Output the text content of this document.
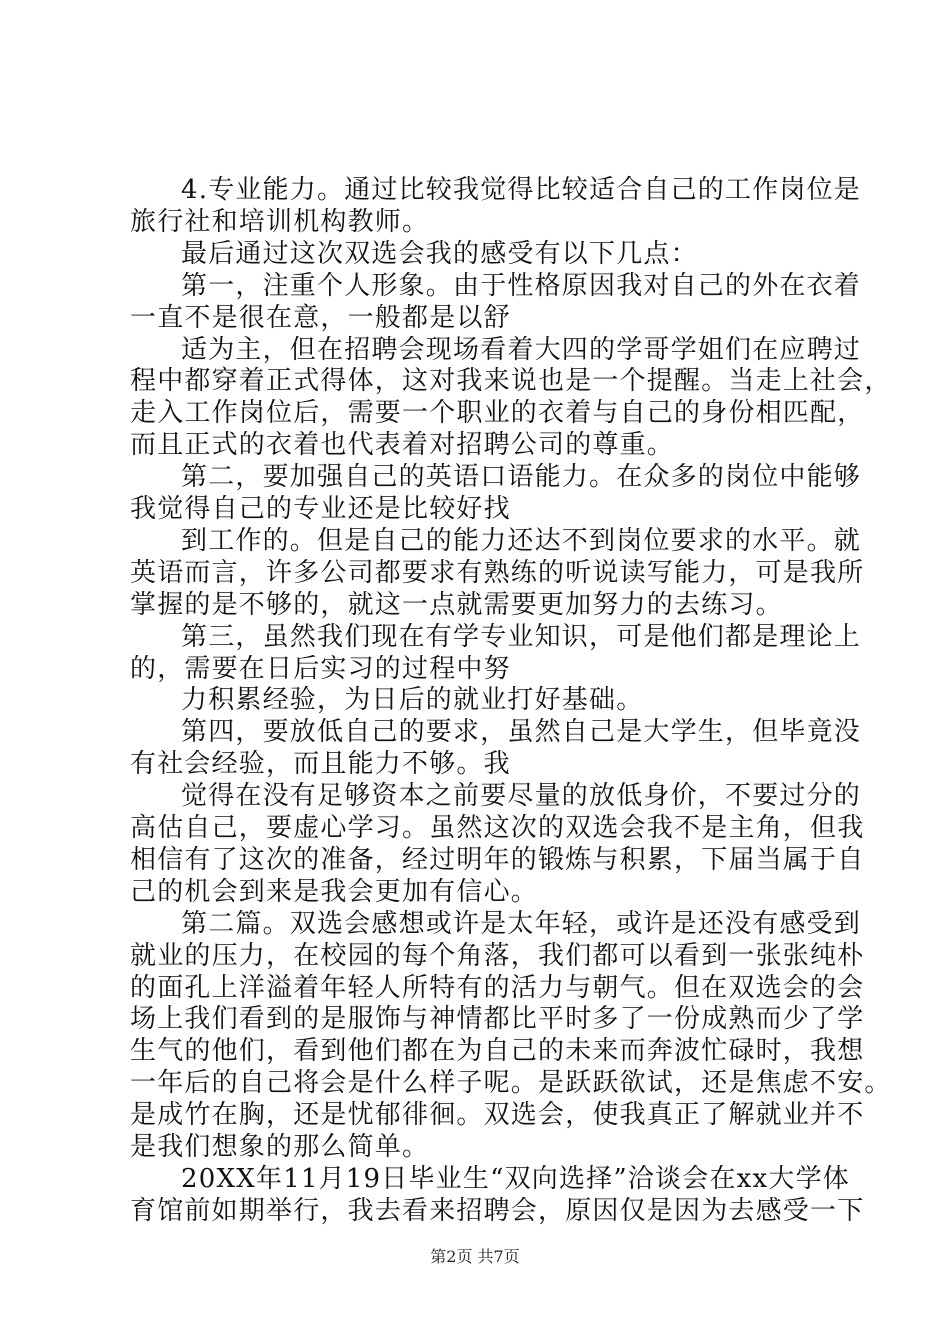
4.专业能力。通过比较我觉得比较适合自己的工作岗位是
旅行社和培训机构教师。
最后通过这次双选会我的感受有以下几点：
第一，注重个人形象。由于性格原因我对自己的外在衣着
一直不是很在意，一般都是以舒
适为主，但在招聘会现场看着大四的学哥学姐们在应聘过
程中都穿着正式得体，这对我来说也是一个提醒。当走上社会，
走入工作岗位后，需要一个职业的衣着与自己的身份相匹配，
而且正式的衣着也代表着对招聘公司的尊重。
第二，要加强自己的英语口语能力。在众多的岗位中能够
我觉得自己的专业还是比较好找
到工作的。但是自己的能力还达不到岗位要求的水平。就
英语而言，许多公司都要求有熟练的听说读写能力，可是我所
掌握的是不够的，就这一点就需要更加努力的去练习。
第三，虽然我们现在有学专业知识，可是他们都是理论上
的，需要在日后实习的过程中努
力积累经验，为日后的就业打好基础。
第四，要放低自己的要求，虽然自己是大学生，但毕竟没
有社会经验，而且能力不够。我
觉得在没有足够资本之前要尽量的放低身价，不要过分的
高估自己，要虚心学习。虽然这次的双选会我不是主角，但我
相信有了这次的准备，经过明年的锻炼与积累，下届当属于自
己的机会到来是我会更加有信心。
第二篇。双选会感想或许是太年轻，或许是还没有感受到
就业的压力，在校园的每个角落，我们都可以看到一张张纯朴
的面孔上洋溢着年轻人所特有的活力与朝气。但在双选会的会
场上我们看到的是服饰与神情都比平时多了一份成熟而少了学
生气的他们，看到他们都在为自己的未来而奔波忙碌时，我想
一年后的自己将会是什么样子呢。是跃跃欲试，还是焦虑不安。
是成竹在胸，还是忧郁徘徊。双选会，使我真正了解就业并不
是我们想象的那么简单。
20XX年11月19日毕业生“双向选择”洽谈会在xx大学体
育馆前如期举行，我去看来招聘会，原因仅是因为去感受一下
第2页 共7页
